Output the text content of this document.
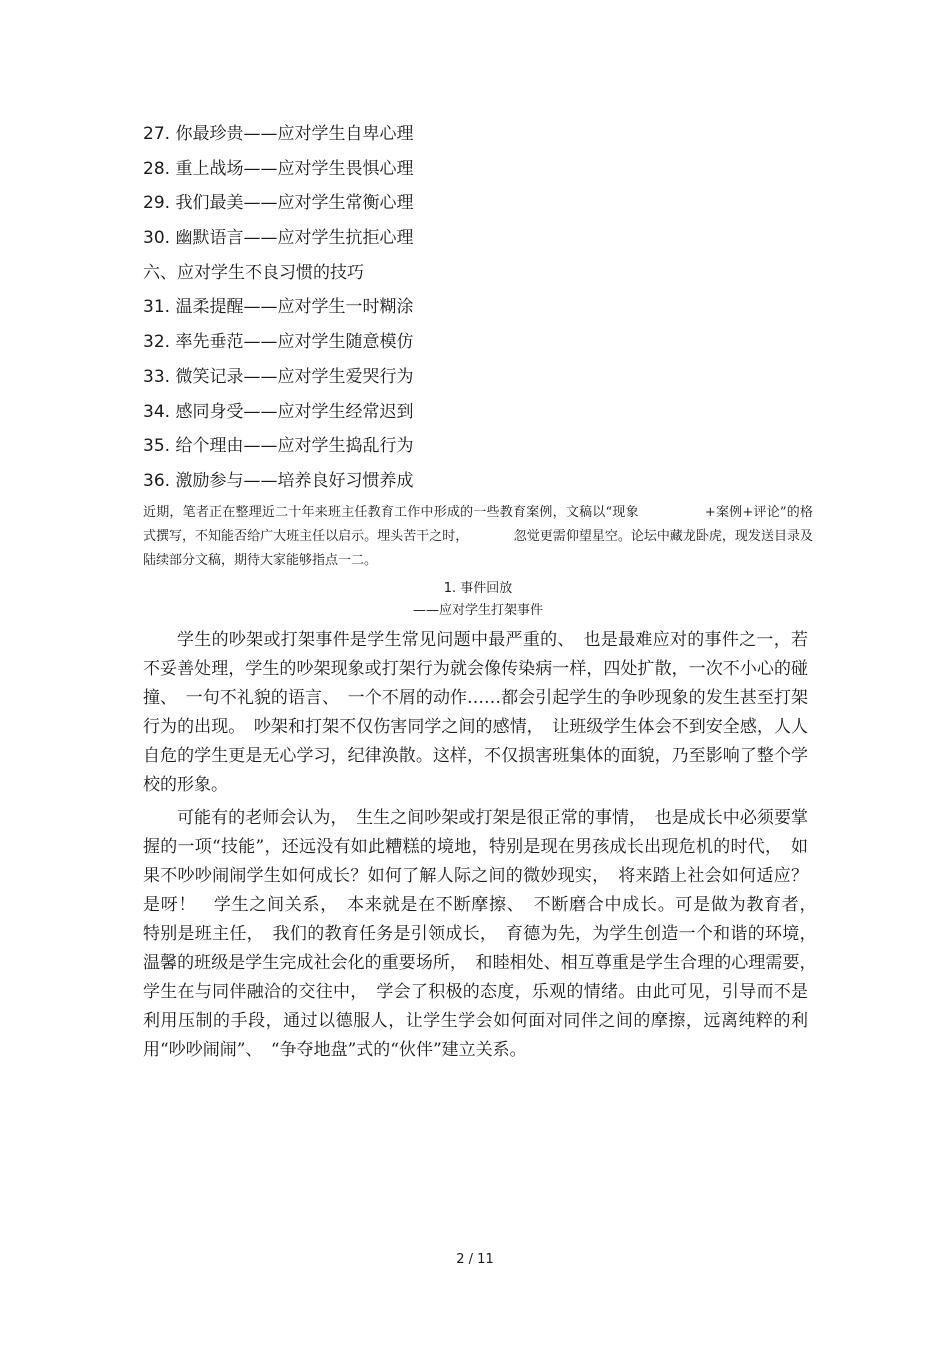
27. 你最珍贵——应对学生自卑心理
28. 重上战场——应对学生畏惧心理
29. 我们最美——应对学生常衡心理
30. 幽默语言——应对学生抗拒心理
六、应对学生不良习惯的技巧
31. 温柔提醒——应对学生一时糊涂
32. 率先垂范——应对学生随意模仿
33. 微笑记录——应对学生爱哭行为
34. 感同身受——应对学生经常迟到
35. 给个理由——应对学生捣乱行为
36. 激励参与——培养良好习惯养成

近期，笔者正在整理近二十年来班主任教育工作中形成的一些教育案例，文稿以“现象　　　　　+案例+评论”的格式撰写，不知能否给广大班主任以启示。埋头苦干之时，　　　　忽觉更需仰望星空。论坛中藏龙卧虎，现发送目录及陆续部分文稿，期待大家能够指点一二。

1. 事件回放
——应对学生打架事件

学生的吵架或打架事件是学生常见问题中最严重的、　也是最难应对的事件之一，若不妥善处理，学生的吵架现象或打架行为就会像传染病一样，四处扩散，一次不小心的碰撞、　一句不礼貌的语言、　一个不屑的动作……都会引起学生的争吵现象的发生甚至打架行为的出现。　吵架和打架不仅伤害同学之间的感情，　让班级学生体会不到安全感，人人自危的学生更是无心学习，纪律涣散。这样，不仅损害班集体的面貌，乃至影响了整个学校的形象。

可能有的老师会认为，　生生之间吵架或打架是很正常的事情，　也是成长中必须要掌握的一项“技能”，还远没有如此糟糕的境地，特别是现在男孩成长出现危机的时代，　如果不吵吵闹闹学生如何成长？如何了解人际之间的微妙现实，　将来踏上社会如何适应？是呀！　学生之间关系，　本来就是在不断摩擦、　不断磨合中成长。可是做为教育者，　特别是班主任，　我们的教育任务是引领成长，　育德为先，为学生创造一个和谐的环境，　温馨的班级是学生完成社会化的重要场所，　和睦相处、相互尊重是学生合理的心理需要，　学生在与同伴融洽的交往中，　学会了积极的态度，乐观的情绪。由此可见，引导而不是利用压制的手段，通过以德服人，让学生学会如何面对同伴之间的摩擦，远离纯粹的利用“吵吵闹闹”、　“争夺地盘”式的“伙伴”建立关系。

2 / 11
